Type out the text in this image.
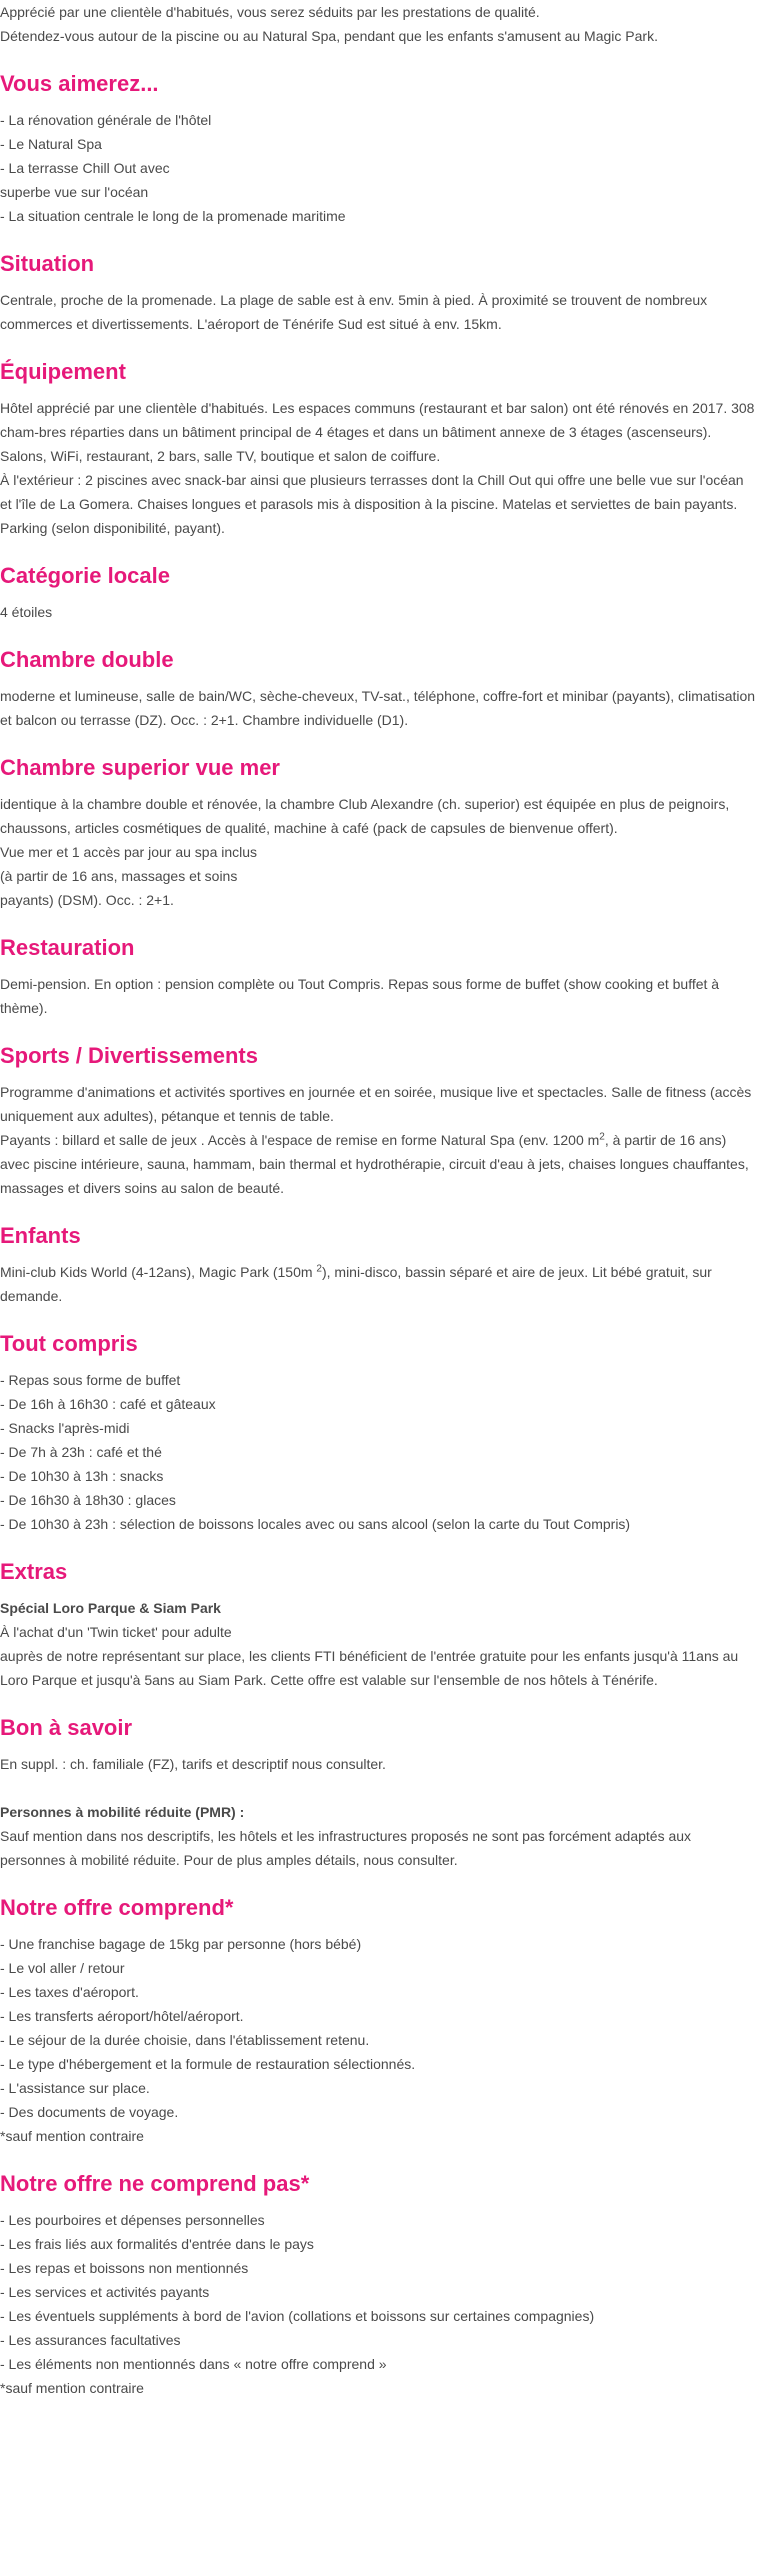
Apprécié par une clientèle d'habitués, vous serez séduits par les prestations de qualité.

Détendez-vous autour de la piscine ou au Natural Spa, pendant que les enfants s'amusent au Magic Park.

Vous aimerez...
- La rénovation générale de l'hôtel
- Le Natural Spa
- La terrasse Chill Out avec
superbe vue sur l'océan
- La situation centrale le long de la promenade maritime
Situation

Centrale, proche de la promenade. La plage de sable est à env. 5min à pied. À proximité se trouvent de nombreux commerces et divertissements. L'aéroport de Ténérife Sud est situé à env. 15km.

Équipement

Hôtel apprécié par une clientèle d'habitués. Les espaces communs (restaurant et bar salon) ont été rénovés en 2017. 308 cham-bres réparties dans un bâtiment principal de 4 étages et dans un bâtiment annexe de 3 étages (ascenseurs). Salons, WiFi, restaurant, 2 bars, salle TV, boutique et salon de coiffure.

À l'extérieur : 2 piscines avec snack-bar ainsi que plusieurs terrasses dont la Chill Out qui offre une belle vue sur l'océan et l'île de La Gomera. Chaises longues et parasols mis à disposition à la piscine. Matelas et serviettes de bain payants. Parking (selon disponibilité, payant).

Catégorie locale

4 étoiles

Chambre double

moderne et lumineuse, salle de bain/WC, sèche-cheveux, TV-sat., téléphone, coffre-fort et minibar (payants), climatisation et balcon ou terrasse (DZ). Occ. : 2+1. Chambre individuelle (D1).

Chambre superior vue mer

identique à la chambre double et rénovée, la chambre Club Alexandre (ch. superior) est équipée en plus de peignoirs, chaussons, articles cosmétiques de qualité, machine à café (pack de capsules de bienvenue offert).

Vue mer et 1 accès par jour au spa inclus
(à partir de 16 ans, massages et soins
payants) (DSM). Occ. : 2+1.
Restauration

Demi-pension. En option : pension complète ou Tout Compris. Repas sous forme de buffet (show cooking et buffet à thème).

Sports / Divertissements

Programme d'animations et activités sportives en journée et en soirée, musique live et spectacles. Salle de fitness (accès uniquement aux adultes), pétanque et tennis de table.

Payants : billard et salle de jeux . Accès à l'espace de remise en forme Natural Spa (env. 1200 $m^2$, à partir de 16 ans) avec piscine intérieure, sauna, hammam, bain thermal et hydrothérapie, circuit d'eau à jets, chaises longues chauffantes, massages et divers soins au salon de beauté.

Enfants

Mini-club Kids World (4-12ans), Magic Park (150m $^2$), mini-disco, bassin séparé et aire de jeux. Lit bébé gratuit, sur demande.

Tout compris
- Repas sous forme de buffet
- De 16h à 16h30 : café et gâteaux
- Snacks l'après-midi
- De 7h à 23h : café et thé
- De 10h30 à 13h : snacks
- De 16h30 à 18h30 : glaces
- De 10h30 à 23h : sélection de boissons locales avec ou sans alcool (selon la carte du Tout Compris)
Extras
Spécial Loro Parque & Siam Park
À l'achat d'un 'Twin ticket' pour adulte

auprès de notre représentant sur place, les clients FTI bénéficient de l'entrée gratuite pour les enfants jusqu'à 11ans au Loro Parque et jusqu'à 5ans au Siam Park. Cette offre est valable sur l'ensemble de nos hôtels à Ténérife.

Bon à savoir

En suppl. : ch. familiale (FZ), tarifs et descriptif nous consulter.

Personnes à mobilité réduite (PMR) :

Sauf mention dans nos descriptifs, les hôtels et les infrastructures proposés ne sont pas forcément adaptés aux personnes à mobilité réduite. Pour de plus amples détails, nous consulter.

Notre offre comprend*
- Une franchise bagage de 15kg par personne (hors bébé)
- Le vol aller / retour
- Les taxes d'aéroport.
- Les transferts aéroport/hôtel/aéroport.
- Le séjour de la durée choisie, dans l'établissement retenu.
- Le type d'hébergement et la formule de restauration sélectionnés.
- L'assistance sur place.
- Des documents de voyage.
*sauf mention contraire
Notre offre ne comprend pas*
- Les pourboires et dépenses personnelles
- Les frais liés aux formalités d'entrée dans le pays
- Les repas et boissons non mentionnés
- Les services et activités payants
- Les éventuels suppléments à bord de l'avion (collations et boissons sur certaines compagnies)
- Les assurances facultatives
- Les éléments non mentionnés dans « notre offre comprend »
*sauf mention contraire
